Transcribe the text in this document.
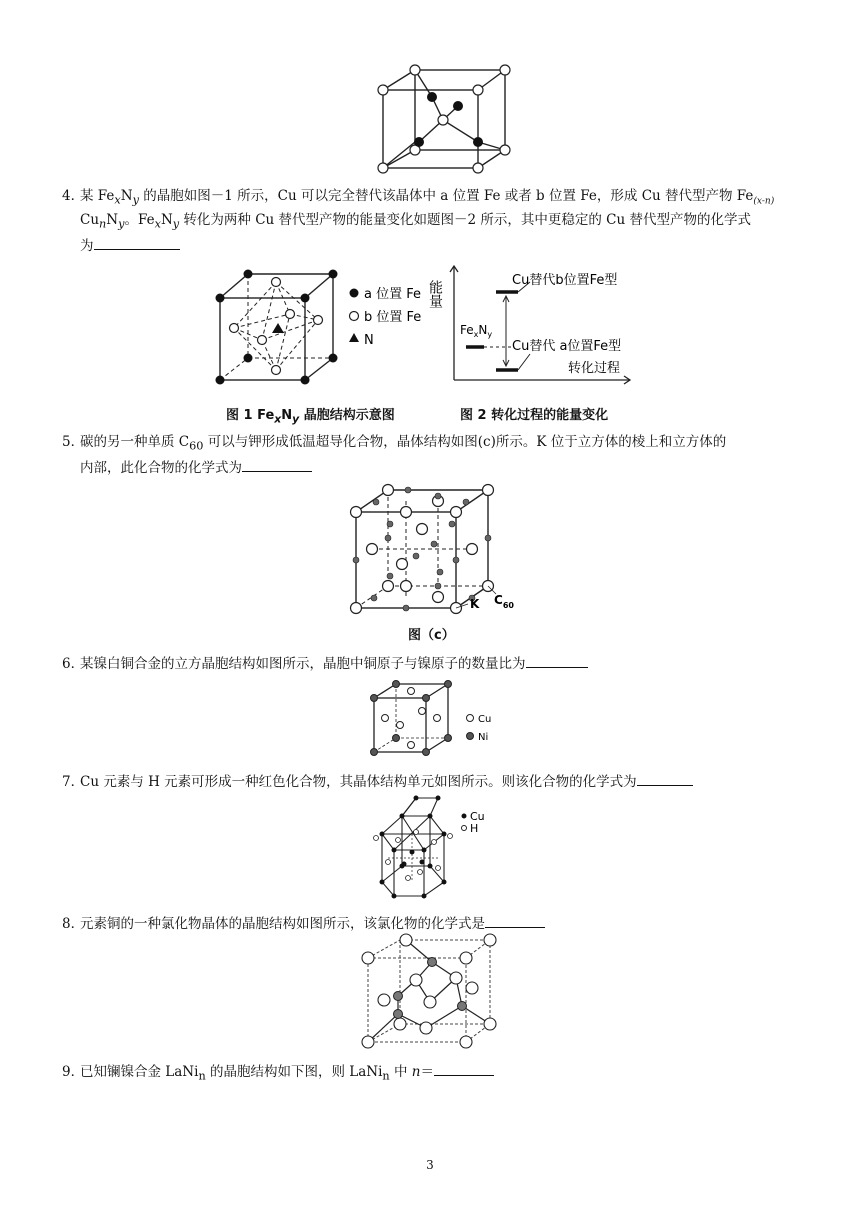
4．某 $Fe_xN_y$ 的晶胞如图－1 所示，Cu 可以完全替代该晶体中 a 位置 Fe 或者 b 位置 Fe，形成 Cu 替代型产物 $Fe_{(x-n)}$
$Cu_nN_y$。$Fe_xN_y$ 转化为两种 Cu 替代型产物的能量变化如题图－2 所示，其中更稳定的 Cu 替代型产物的化学式
为
a 位置 Fe
b 位置 Fe
N
能量	Cu替代b位置Fe型
Cu替代 a位置Fe型
$Fe_xN_y$
转化过程
图 1 $Fe_xN_y$ 晶胞结构示意图	图 2 转化过程的能量变化
5．碳的另一种单质 $C_{60}$ 可以与钾形成低温超导化合物，晶体结构如图(c)所示。K 位于立方体的棱上和立方体的
内部，此化合物的化学式为
K $C_{60}$
图（c）
6．某镍白铜合金的立方晶胞结构如图所示，晶胞中铜原子与镍原子的数量比为
Cu
Ni
7．Cu 元素与 H 元素可形成一种红色化合物，其晶体结构单元如图所示。则该化合物的化学式为
Cu
H
8．元素铜的一种氯化物晶体的晶胞结构如图所示，该氯化物的化学式是
9．已知镧镍合金 LaNi$_n$ 的晶胞结构如下图，则 LaNi$_n$ 中 n＝
3
